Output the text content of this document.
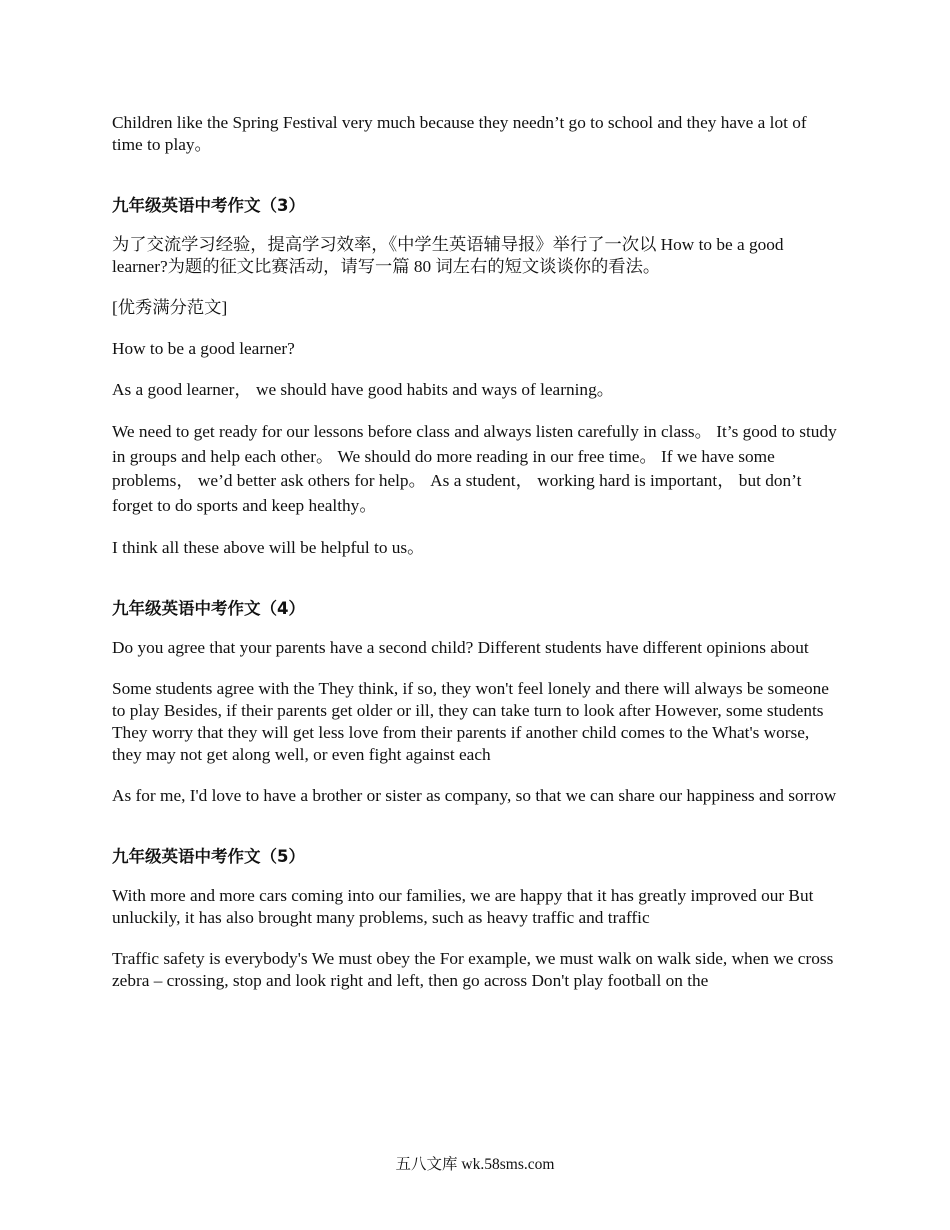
Children like the Spring Festival very much because they needn’t go to school and they have a lot of time to play。

九年级英语中考作文（3）

为了交流学习经验，提高学习效率，《中学生英语辅导报》举行了一次以 How to be a good learner?为题的征文比赛活动，请写一篇 80 词左右的短文谈谈你的看法。

[优秀满分范文]

How to be a good learner?

As a good learner， we should have good habits and ways of learning。

We need to get ready for our lessons before class and always listen carefully in class。 It’s good to study in groups and help each other。 We should do more reading in our free time。 If we have some problems， we’d better ask others for help。 As a student， working hard is important， but don’t forget to do sports and keep healthy。

I think all these above will be helpful to us。

九年级英语中考作文（4）

Do you agree that your parents have a second child? Different students have different opinions about

Some students agree with the They think, if so, they won't feel lonely and there will always be someone to play Besides, if their parents get older or ill, they can take turn to look after However, some students They worry that they will get less love from their parents if another child comes to the What's worse, they may not get along well, or even fight against each

As for me, I'd love to have a brother or sister as company, so that we can share our happiness and sorrow

九年级英语中考作文（5）

With more and more cars coming into our families, we are happy that it has greatly improved our But unluckily, it has also brought many problems, such as heavy traffic and traffic

Traffic safety is everybody's We must obey the For example, we must walk on walk side, when we cross zebra – crossing, stop and look right and left, then go across Don't play football on the

五八文库 wk.58sms.com
